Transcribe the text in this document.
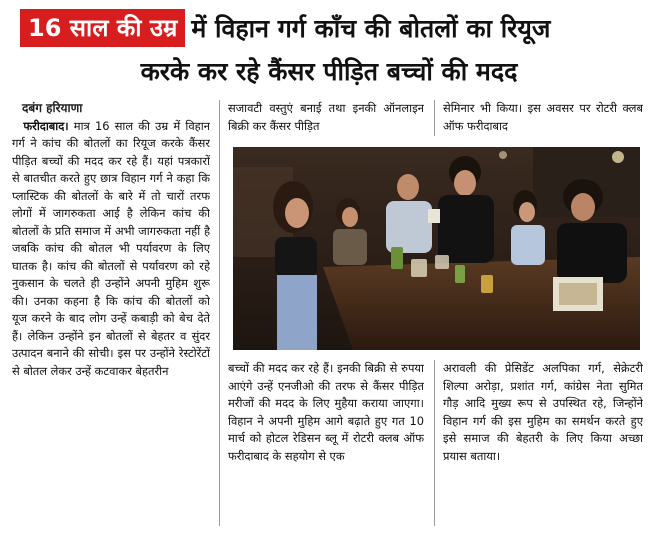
16 साल की उम्र में विहान गर्ग काँच की बोतलों का रियूज
करके कर रहे कैंसर पीड़ित बच्चों की मदद
दबंग हरियाणा

 फरीदाबाद। मात्र 16 साल की उम्र में विहान गर्ग ने कांच की बोतलों का रियूज करके कैंसर पीड़ित बच्चों की मदद कर रहे हैं। यहां पत्रकारों से बातचीत करते हुए छात्र विहान गर्ग ने कहा कि प्लास्टिक की बोतलों के बारे में तो चारों तरफ लोगों में जागरुकता आई है लेकिन कांच की बोतलों के प्रति समाज में अभी जागरुकता नहीं है जबकि कांच की बोतल भी पर्यावरण के लिए घातक है। कांच की बोतलों से पर्यावरण को रहे नुकसान के चलते ही उन्होंने अपनी मुहिम शुरू की। उनका कहना है कि कांच की बोतलों को यूज करने के बाद लोग उन्हें कबाड़ी को बेच देते हैं। लेकिन उन्होंने इन बोतलों से बेहतर व सुंदर उत्पादन बनाने की सोची। इस पर उन्होंने रेस्टोरेंटों से बोतल लेकर उन्हें कटवाकर बेहतरीन

सजावटी वस्तुएं बनाई तथा इनकी ऑनलाइन बिक्री कर कैंसर पीड़ित
सेमिनार भी किया। इस अवसर पर रोटरी क्लब ऑफ फरीदाबाद
बच्चों की मदद कर रहे हैं। इनकी बिक्री से रुपया आएंगे उन्हें एनजीओ की तरफ से कैंसर पीड़ित मरीजों की मदद के लिए मुहैया कराया जाएगा। विहान ने अपनी मुहिम आगे बढ़ाते हुए गत 10 मार्च को होटल रेडिसन ब्लू में रोटरी क्लब ऑफ फरीदाबाद के सहयोग से एक
अरावली की प्रेसिडेंट अलपिका गर्ग, सेक्रेटरी शिल्पा अरोड़ा, प्रशांत गर्ग, कांग्रेस नेता सुमित गौड़ आदि मुख्य रूप से उपस्थित रहे, जिन्होंने विहान गर्ग की इस मुहिम का समर्थन करते हुए इसे समाज की बेहतरी के लिए किया अच्छा प्रयास बताया।
